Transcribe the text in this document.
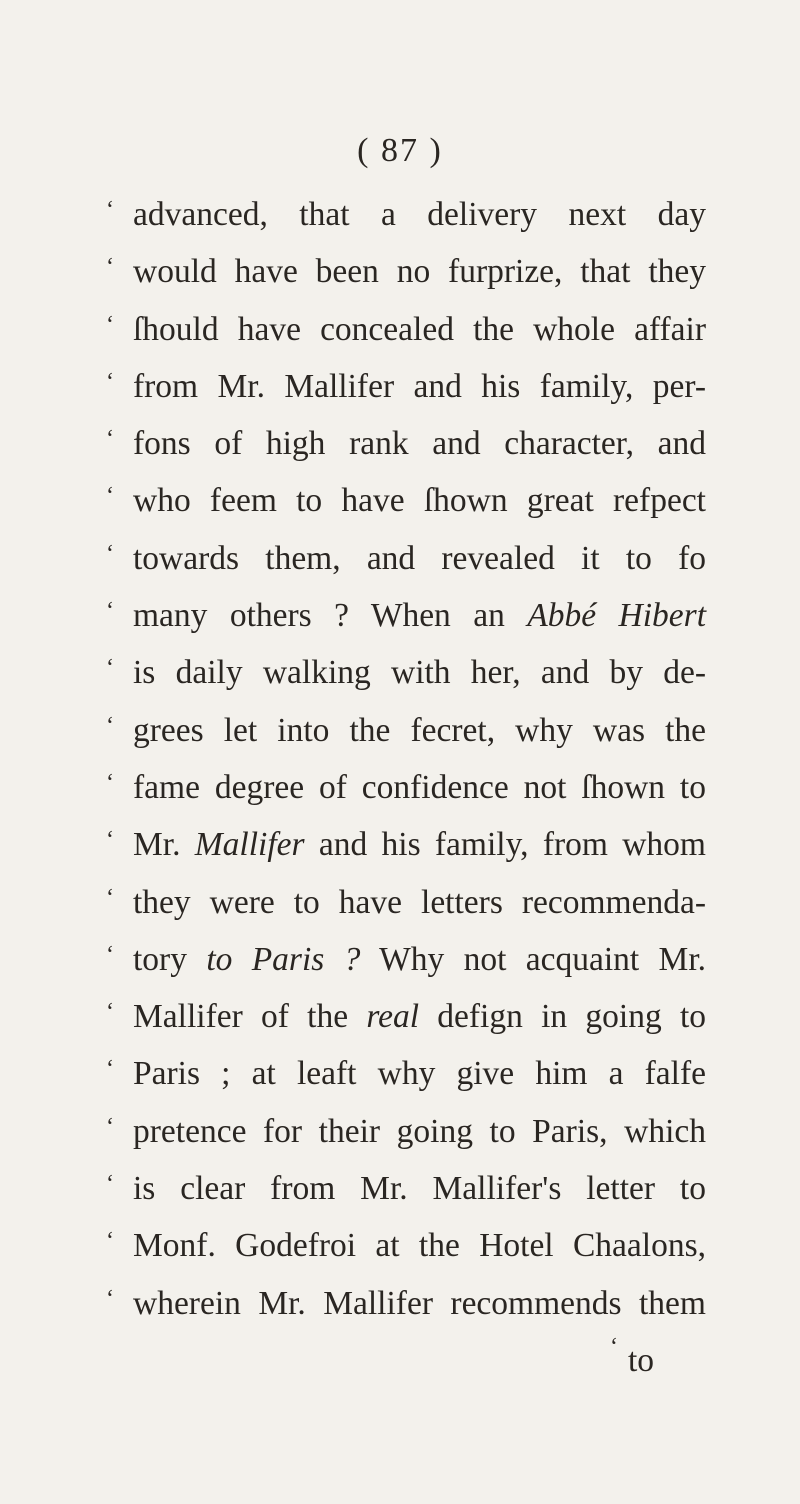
( 87 )
‘ advanced, that a delivery next day
‘ would have been no furprize, that they
‘ ſhould have concealed the whole affair
‘ from Mr. Mallifer and his family, per-
‘ fons of high rank and character, and
‘ who feem to have ſhown great refpect
‘ towards them, and revealed it to fo
‘ many others ? When an Abbé Hibert
‘ is daily walking with her, and by de-
‘ grees let into the fecret, why was the
‘ fame degree of confidence not ſhown to
‘ Mr. Mallifer and his family, from whom
‘ they were to have letters recommenda-
‘ tory to Paris ? Why not acquaint Mr.
‘ Mallifer of the real defign in going to
‘ Paris ; at leaft why give him a falfe
‘ pretence for their going to Paris, which
‘ is clear from Mr. Mallifer's letter to
‘ Monf. Godefroi at the Hotel Chaalons,
‘ wherein Mr. Mallifer recommends them
‘ to
